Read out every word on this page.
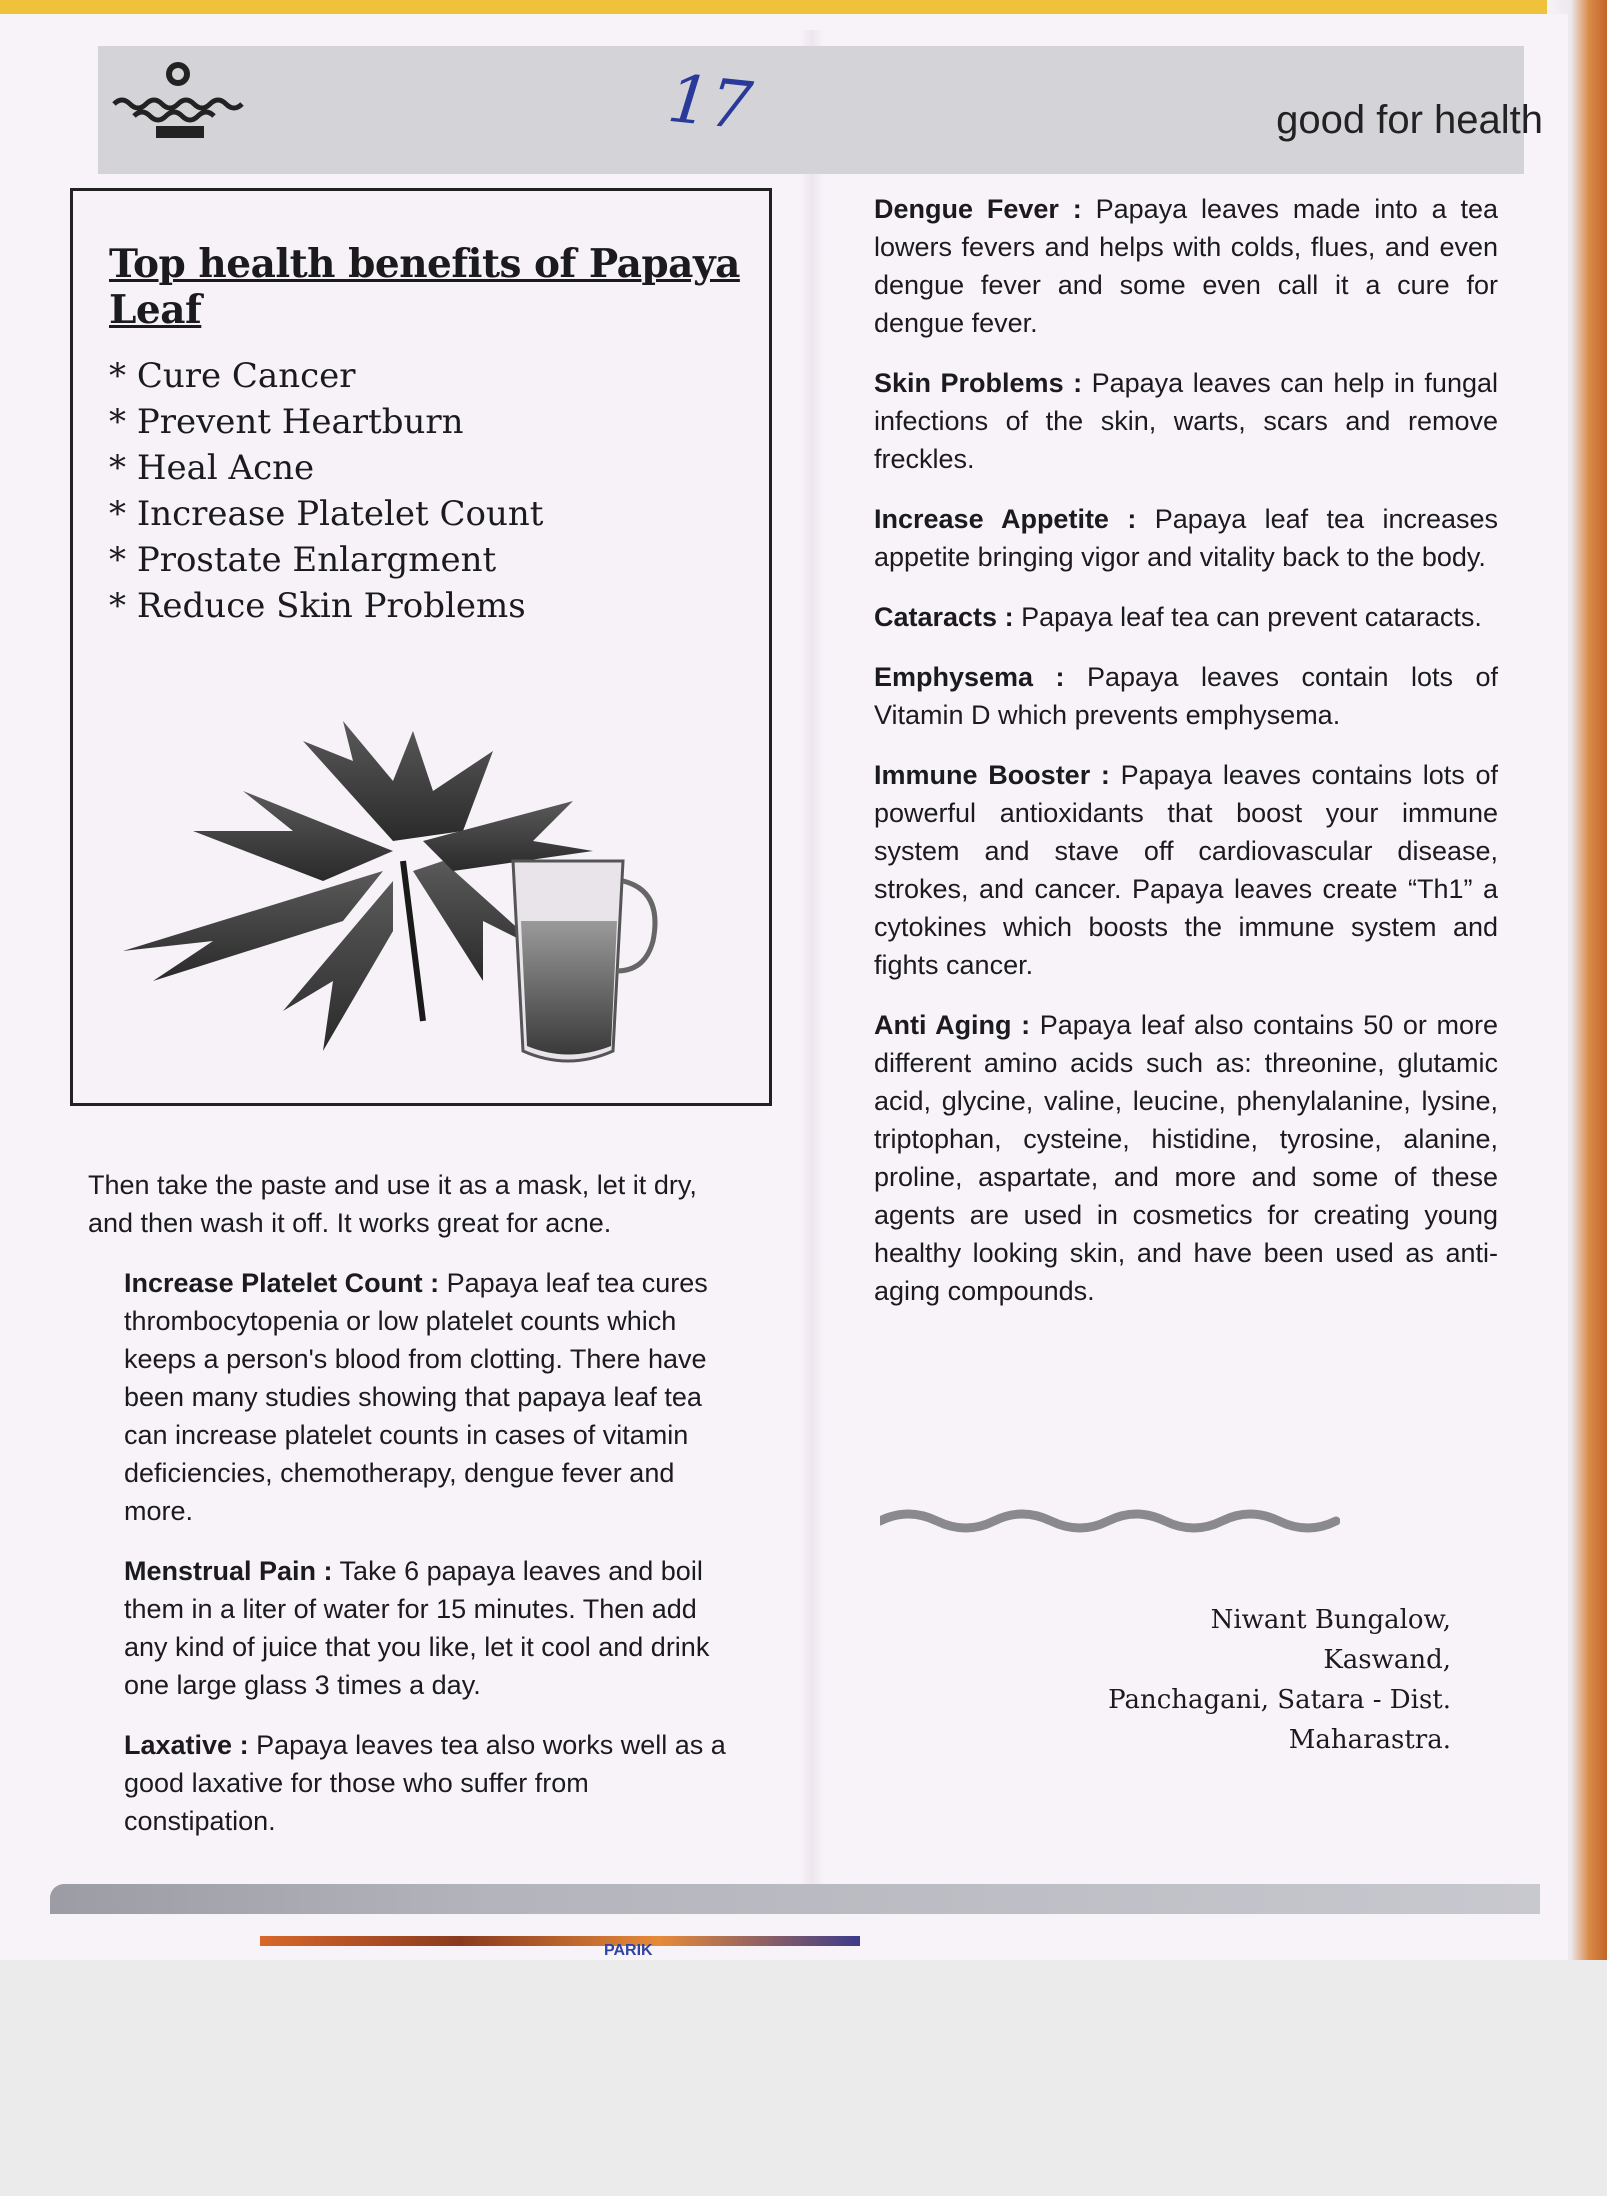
17	good for health
Top health benefits of Papaya Leaf
* Cure Cancer
* Prevent Heartburn
* Heal Acne
* Increase Platelet Count
* Prostate Enlargment
* Reduce Skin Problems

Then take the paste and use it as a mask, let it dry, and then wash it off. It works great for acne.

Increase Platelet Count : Papaya leaf tea cures thrombocytopenia or low platelet counts which keeps a person's blood from clotting. There have been many studies showing that papaya leaf tea can increase platelet counts in cases of vitamin deficiencies, chemotherapy, dengue fever and more.

Menstrual Pain : Take 6 papaya leaves and boil them in a liter of water for 15 minutes. Then add any kind of juice that you like, let it cool and drink one large glass 3 times a day.

Laxative : Papaya leaves tea also works well as a good laxative for those who suffer from constipation.

Dengue Fever : Papaya leaves made into a tea lowers fevers and helps with colds, flues, and even dengue fever and some even call it a cure for dengue fever.

Skin Problems : Papaya leaves can help in fungal infections of the skin, warts, scars and remove freckles.

Increase Appetite : Papaya leaf tea increases appetite bringing vigor and vitality back to the body.

Cataracts : Papaya leaf tea can prevent cataracts.

Emphysema : Papaya leaves contain lots of Vitamin D which prevents emphysema.

Immune Booster : Papaya leaves contains lots of powerful antioxidants that boost your immune system and stave off cardiovascular disease, strokes, and cancer. Papaya leaves create “Th1” a cytokines which boosts the immune system and fights cancer.

Anti Aging : Papaya leaf also contains 50 or more different amino acids such as: threonine, glutamic acid, glycine, valine, leucine, phenylalanine, lysine, triptophan, cysteine, histidine, tyrosine, alanine, proline, aspartate, and more and some of these agents are used in cosmetics for creating young healthy looking skin, and have been used as anti-aging compounds.

Niwant Bungalow,
Kaswand,
Panchagani, Satara - Dist.
Maharastra.
PARIK
